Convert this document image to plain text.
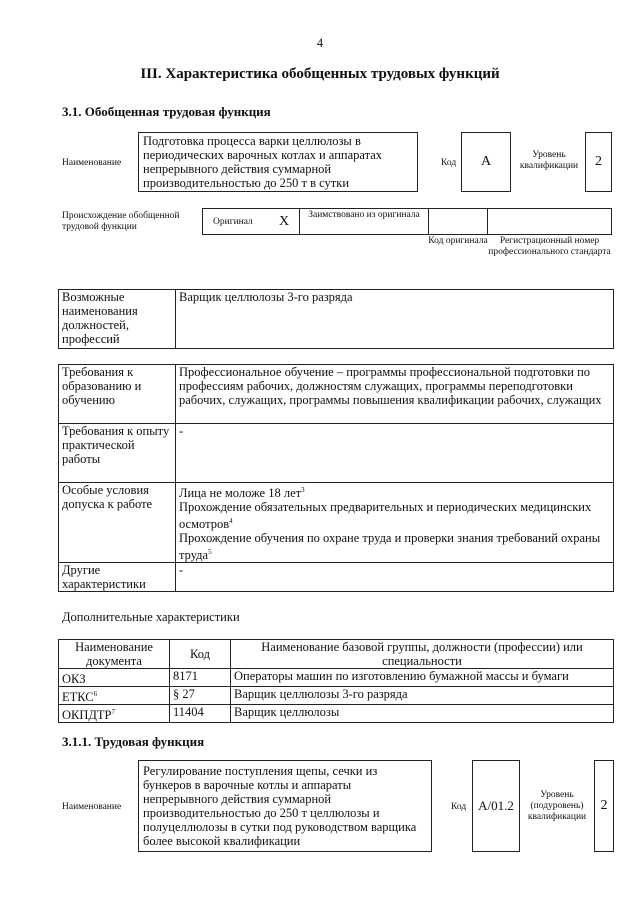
4
III. Характеристика обобщенных трудовых функций
3.1. Обобщенная трудовая функция
Наименование
Подготовка процесса варки целлюлозы в периодических варочных котлах и аппаратах непрерывного действия суммарной производительностью до 250 т в сутки
Код	A	Уровень квалификации	2
Происхождение обобщенной трудовой функции	Оригинал X	Заимствовано из оригинала
Код оригинала	Регистрационный номер профессионального стандарта
Возможные наименования должностей, профессий	Варщик целлюлозы 3-го разряда
Требования к образованию и обучению	Профессиональное обучение – программы профессиональной подготовки по профессиям рабочих, должностям служащих, программы переподготовки рабочих, служащих, программы повышения квалификации рабочих, служащих
Требования к опыту практической работы	-
Особые условия допуска к работе	Лица не моложе 18 лет$^3$
Прохождение обязательных предварительных и периодических медицинских осмотров$^4$
Прохождение обучения по охране труда и проверки знания требований охраны труда$^5$

Другие характеристики	-
Дополнительные характеристики
Наименование документа	Код	Наименование базовой группы, должности (профессии) или специальности
ОКЗ	8171	Операторы машин по изготовлению бумажной массы и бумаги
ЕТКС$^6$	§ 27	Варщик целлюлозы 3-го разряда
ОКПДТР$^7$	11404	Варщик целлюлозы
3.1.1. Трудовая функция
Наименование
Регулирование поступления щепы, сечки из бункеров в варочные котлы и аппараты непрерывного действия суммарной производительностью до 250 т целлюлозы и полуцеллюлозы в сутки под руководством варщика более высокой квалификации
Код A/01.2
Уровень (подуровень) квалификации
2
